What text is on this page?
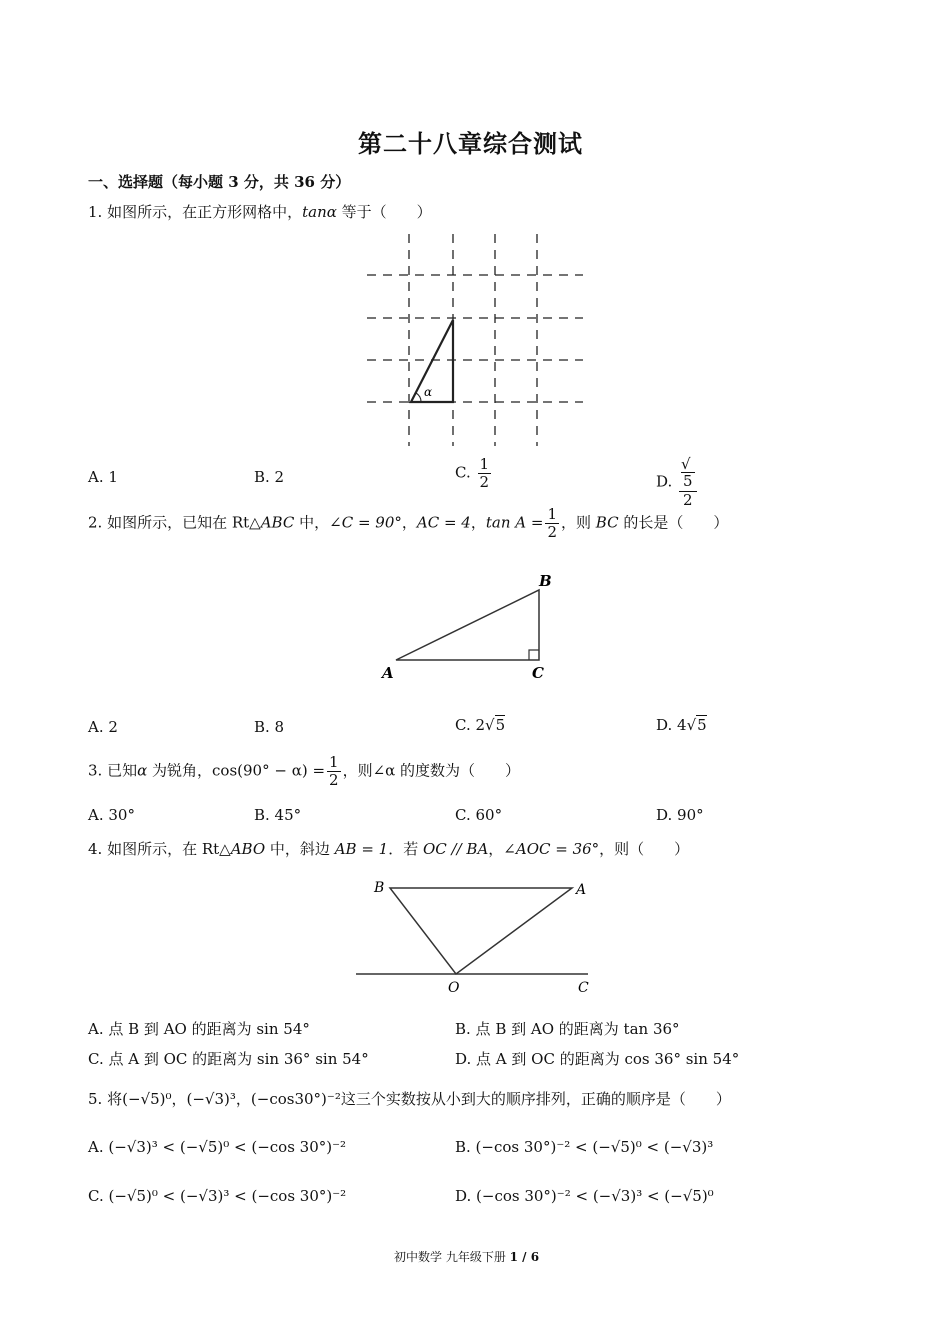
第二十八章综合测试
一、选择题（每小题 3 分，共 36 分）
1. 如图所示，在正方形网格中，tanα 等于（　　）
α
A. 1	B. 2	C. $\frac{1}{2}$	D. √
5
2
2. 如图所示，已知在 Rt△ABC 中，∠C = 90°，AC = 4，$\tan A = \frac{1}{2}$ ，则 BC 的长是（　　）
A
B
C
A. 2	B. 8	C. 2√5	D. 4√5
3. 已知α 为锐角，$\cos(90^\circ - \alpha) = \frac{1}{2}$ ，则∠α 的度数为（　　）
A. 30°	B. 45°	C. 60°	D. 90°
4. 如图所示，在 Rt△ABO 中，斜边 AB = 1．若 OC // BA，∠AOC = 36°，则（　　）
B	A
O	C
A. 点 B 到 AO 的距离为 sin 54°	B. 点 B 到 AO 的距离为 tan 36°
C. 点 A 到 OC 的距离为 sin 36° sin 54°	D. 点 A 到 OC 的距离为 cos 36° sin 54°
5. 将(−√5)⁰，(−√3)³，(−cos30°)⁻²这三个实数按从小到大的顺序排列，正确的顺序是（　　）
A. (−√3)³ < (−√5)⁰ < (−cos 30°)⁻²	B. (−cos 30°)⁻² < (−√5)⁰ < (−√3)³
C. (−√5)⁰ < (−√3)³ < (−cos 30°)⁻²	D. (−cos 30°)⁻² < (−√3)³ < (−√5)⁰
初中数学 九年级下册 1 / 6
